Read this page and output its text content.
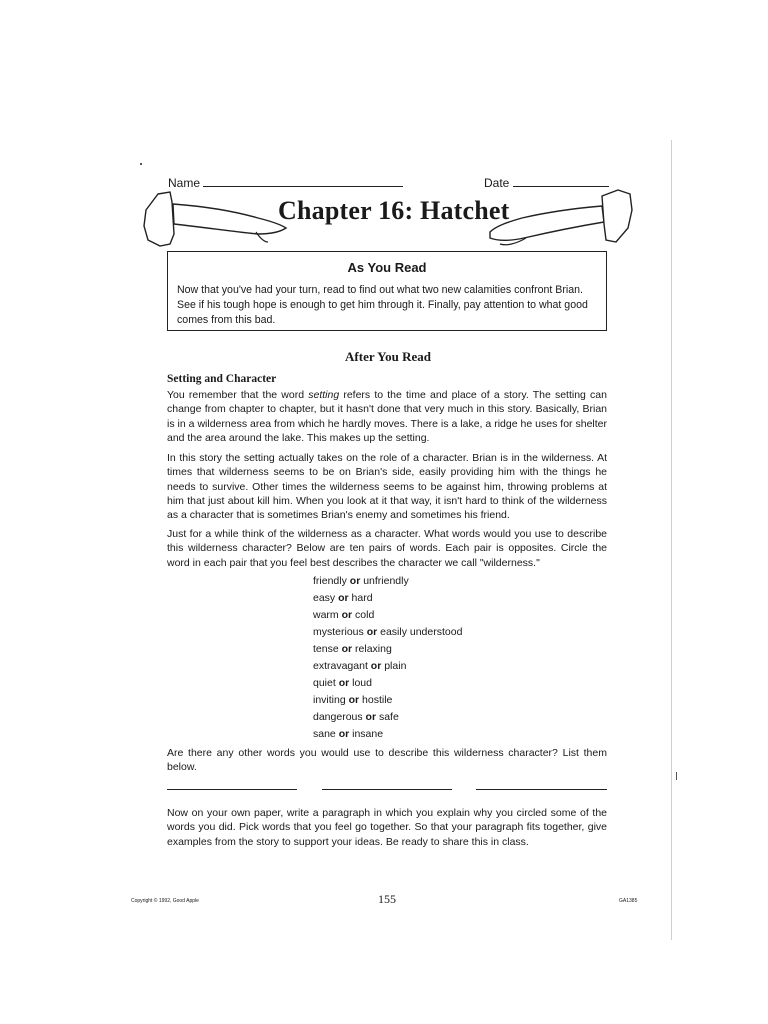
Name	Date
Chapter 16: Hatchet
As You Read
Now that you've had your turn, read to find out what two new calamities confront Brian. See if his tough hope is enough to get him through it. Finally, pay attention to what good comes from this bad.
After You Read
Setting and Character
You remember that the word setting refers to the time and place of a story. The setting can change from chapter to chapter, but it hasn't done that very much in this story. Basically, Brian is in a wilderness area from which he hardly moves. There is a lake, a ridge he uses for shelter and the area around the lake. This makes up the setting.
In this story the setting actually takes on the role of a character. Brian is in the wilderness. At times that wilderness seems to be on Brian's side, easily providing him with the things he needs to survive. Other times the wilderness seems to be against him, throwing problems at him that just about kill him. When you look at it that way, it isn't hard to think of the wilderness as a character that is sometimes Brian's enemy and sometimes his friend.
Just for a while think of the wilderness as a character. What words would you use to describe this wilderness character? Below are ten pairs of words. Each pair is opposites. Circle the word in each pair that you feel best describes the character we call "wilderness."
friendly or unfriendly
easy or hard
warm or cold
mysterious or easily understood
tense or relaxing
extravagant or plain
quiet or loud
inviting or hostile
dangerous or safe
sane or insane
Are there any other words you would use to describe this wilderness character? List them below.
Now on your own paper, write a paragraph in which you explain why you circled some of the words you did. Pick words that you feel go together. So that your paragraph fits together, give examples from the story to support your ideas. Be ready to share this in class.
Copyright © 1992, Good Apple	155	GA1385
